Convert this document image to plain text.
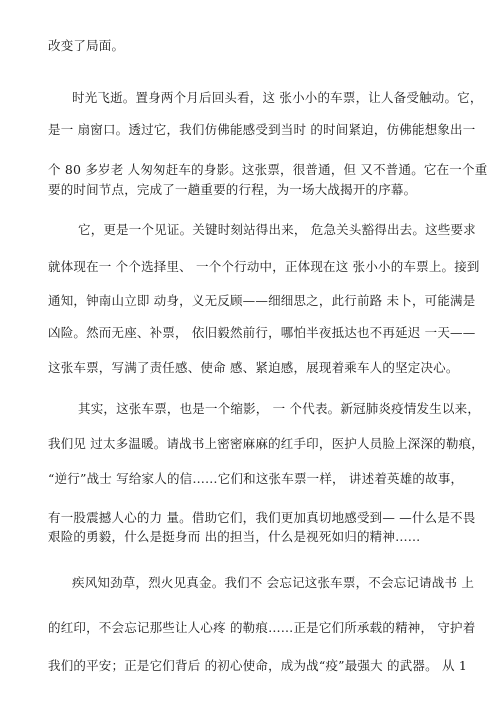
改变了局面。
时光飞逝。置身两个月后回头看，这 张小小的车票，让人备受触动。它，
是一 扇窗口。透过它，我们仿佛能感受到当时 的时间紧迫，仿佛能想象出一
个 80 多岁老 人匆匆赶车的身影。这张票，很普通，但 又不普通。它在一个重
要的时间节点，完成了一趟重要的行程，为一场大战揭开的序幕。
它，更是一个见证。关键时刻站得出来， 危急关头豁得出去。这些要求
就体现在一 个个选择里、 一个个行动中，正体现在这 张小小的车票上。接到
通知，钟南山立即 动身，义无反顾——细细思之，此行前路 未卜，可能满是
凶险。然而无座、补票， 依旧毅然前行，哪怕半夜抵达也不再延迟 一天——
这张车票，写满了责任感、使命 感、紧迫感，展现着乘车人的坚定决心。
其实，这张车票，也是一个缩影， 一 个代表。新冠肺炎疫情发生以来，
我们见 过太多温暖。请战书上密密麻麻的红手印，医护人员脸上深深的勒痕，
“逆行”战士 写给家人的信……它们和这张车票一样， 讲述着英雄的故事，
有一股震撼人心的力 量。借助它们，我们更加真切地感受到— —什么是不畏
艰险的勇毅，什么是挺身而 出的担当，什么是视死如归的精神……
疾风知劲草，烈火见真金。我们不 会忘记这张车票，不会忘记请战书 上
的红印，不会忘记那些让人心疼 的勒痕……正是它们所承载的精神， 守护着
我们的平安；正是它们背后 的初心使命，成为战“疫”最强大 的武器。 从 1
